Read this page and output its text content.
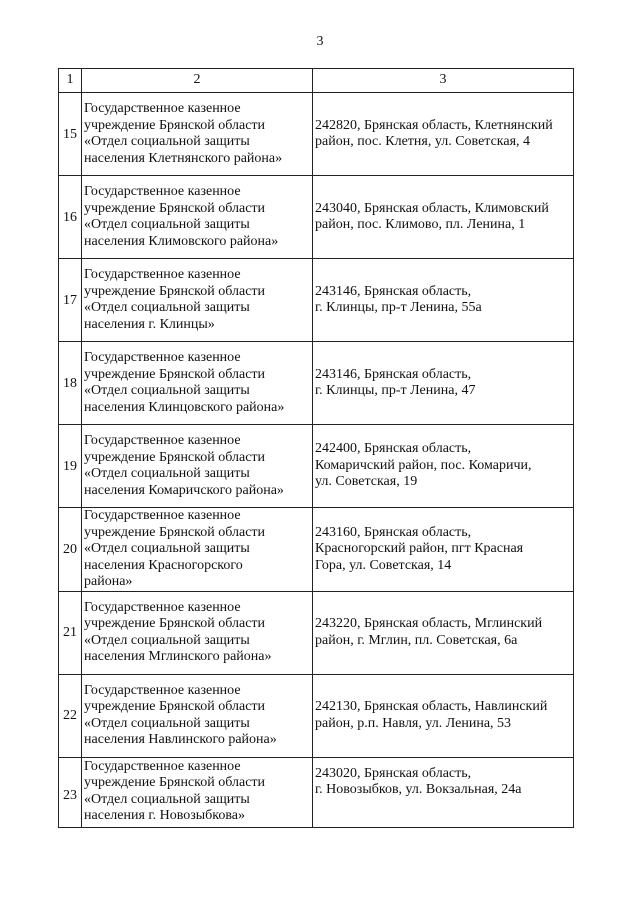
3
1	2	3
15	Государственное казенное
учреждение Брянской области
«Отдел социальной защиты
населения Клетнянского района»	242820, Брянская область, Клетнянский
район, пос. Клетня, ул. Советская, 4

16	Государственное казенное
учреждение Брянской области
«Отдел социальной защиты
населения Климовского района»	243040, Брянская область, Климовский
район, пос. Климово, пл. Ленина, 1

17	Государственное казенное
учреждение Брянской области
«Отдел социальной защиты
населения г. Клинцы»	243146, Брянская область,
г. Клинцы, пр-т Ленина, 55а

18	Государственное казенное
учреждение Брянской области
«Отдел социальной защиты
населения Клинцовского района»	243146, Брянская область,
г. Клинцы, пр-т Ленина, 47

19	Государственное казенное
учреждение Брянской области
«Отдел социальной защиты
населения Комаричского района»	242400, Брянская область,
Комаричский район, пос. Комаричи,
ул. Советская, 19

20	Государственное казенное
учреждение Брянской области
«Отдел социальной защиты
населения Красногорского
района»	243160, Брянская область,
Красногорский район, пгт Красная
Гора, ул. Советская, 14

21	Государственное казенное
учреждение Брянской области
«Отдел социальной защиты
населения Мглинского района»	243220, Брянская область, Мглинский
район, г. Мглин, пл. Советская, 6а

22	Государственное казенное
учреждение Брянской области
«Отдел социальной защиты
населения Навлинского района»	242130, Брянская область, Навлинский
район, р.п. Навля, ул. Ленина, 53

23	Государственное казенное
учреждение Брянской области
«Отдел социальной защиты
населения г. Новозыбкова»	243020, Брянская область,
г. Новозыбков, ул. Вокзальная, 24а
